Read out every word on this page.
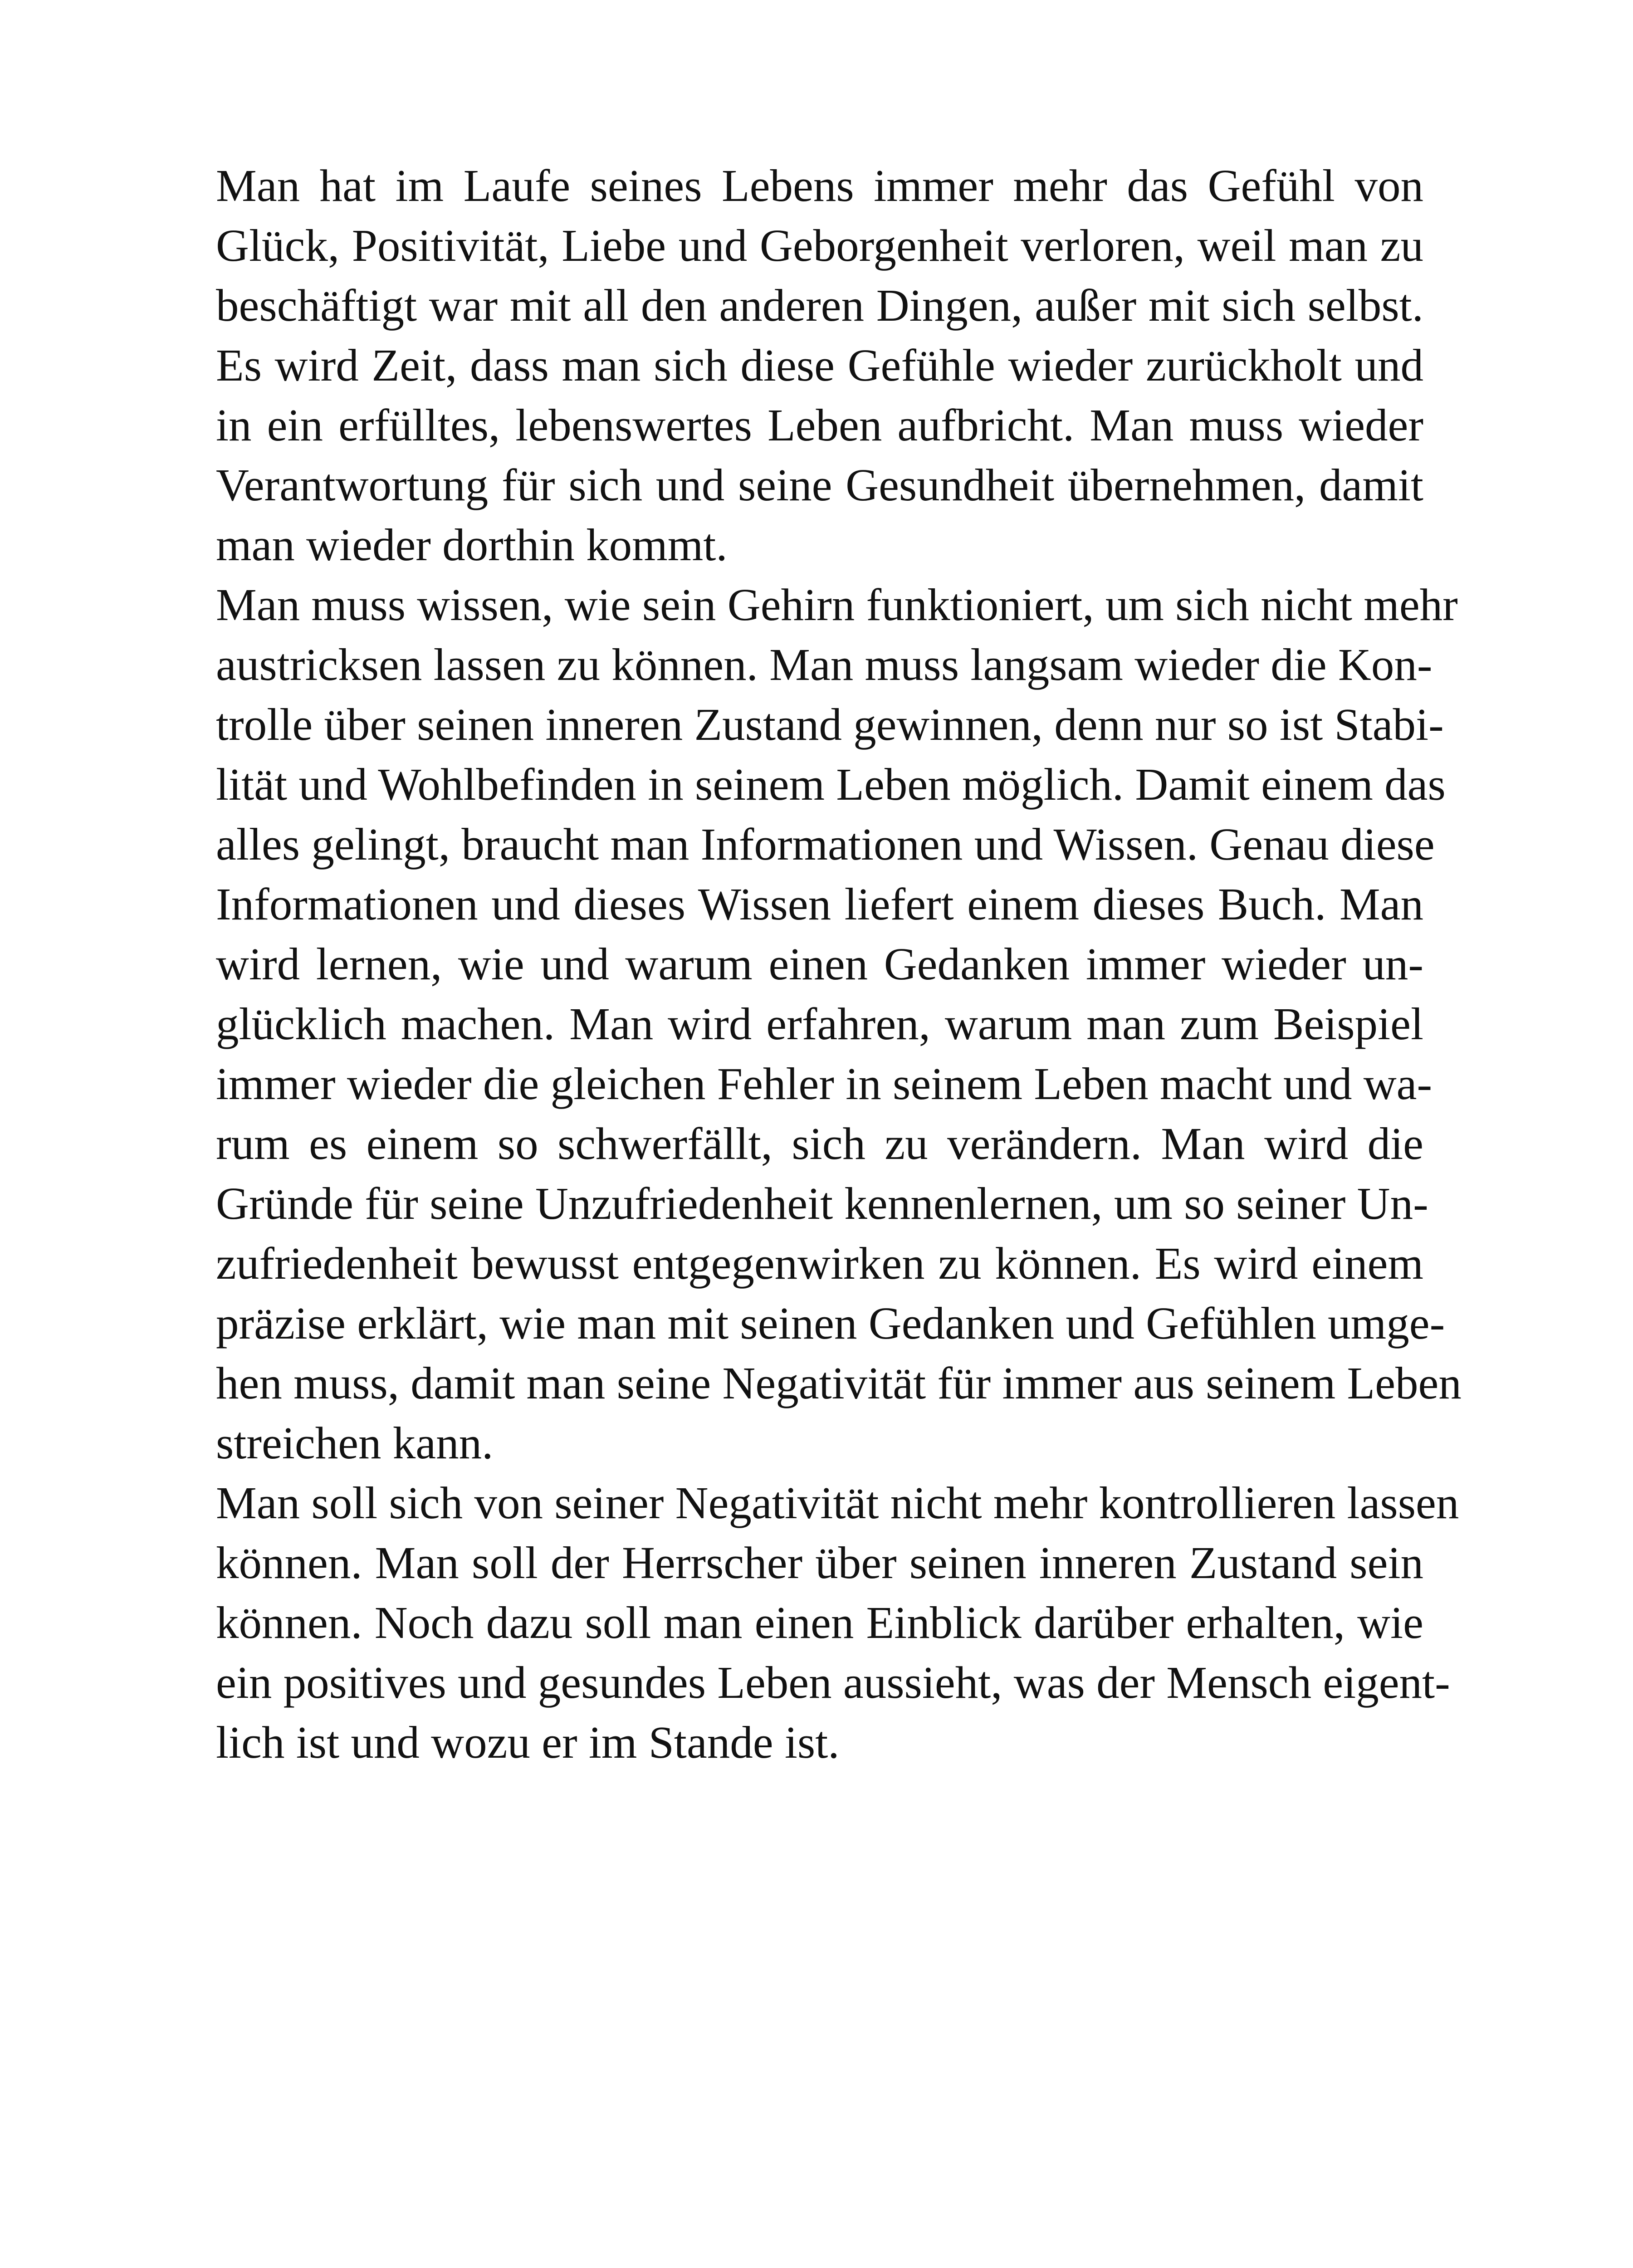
Man hat im Laufe seines Lebens immer mehr das Gefühl von
Glück, Positivität, Liebe und Geborgenheit verloren, weil man zu
beschäftigt war mit all den anderen Dingen, außer mit sich selbst.
Es wird Zeit, dass man sich diese Gefühle wieder zurückholt und
in ein erfülltes, lebenswertes Leben aufbricht. Man muss wieder
Verantwortung für sich und seine Gesundheit übernehmen, damit
man wieder dorthin kommt.
Man muss wissen, wie sein Gehirn funktioniert, um sich nicht mehr
austricksen lassen zu können. Man muss langsam wieder die Kon-
trolle über seinen inneren Zustand gewinnen, denn nur so ist Stabi-
lität und Wohlbefinden in seinem Leben möglich. Damit einem das
alles gelingt, braucht man Informationen und Wissen. Genau diese
Informationen und dieses Wissen liefert einem dieses Buch. Man
wird lernen, wie und warum einen Gedanken immer wieder un-
glücklich machen. Man wird erfahren, warum man zum Beispiel
immer wieder die gleichen Fehler in seinem Leben macht und wa-
rum es einem so schwerfällt, sich zu verändern. Man wird die
Gründe für seine Unzufriedenheit kennenlernen, um so seiner Un-
zufriedenheit bewusst entgegenwirken zu können. Es wird einem
präzise erklärt, wie man mit seinen Gedanken und Gefühlen umge-
hen muss, damit man seine Negativität für immer aus seinem Leben
streichen kann.
Man soll sich von seiner Negativität nicht mehr kontrollieren lassen
können. Man soll der Herrscher über seinen inneren Zustand sein
können. Noch dazu soll man einen Einblick darüber erhalten, wie
ein positives und gesundes Leben aussieht, was der Mensch eigent-
lich ist und wozu er im Stande ist.
